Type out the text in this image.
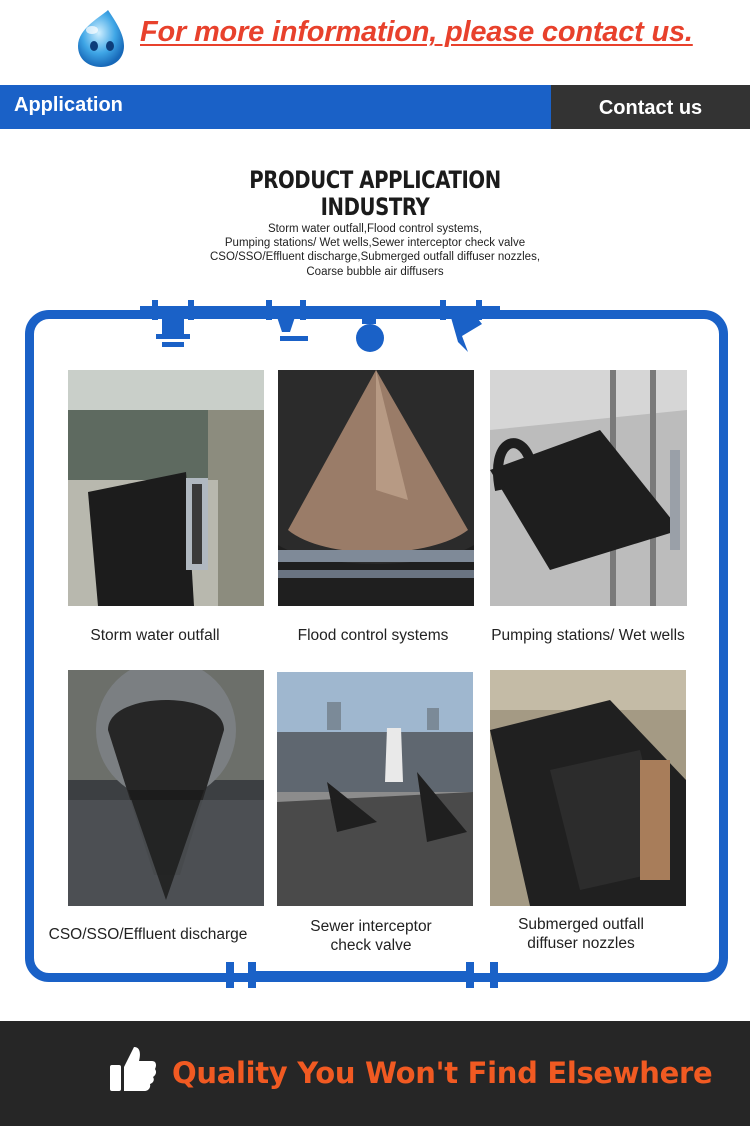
For more information, please contact us.
Application	Contact us
PRODUCT APPLICATION
INDUSTRY
Storm water outfall,Flood control systems,
Pumping stations/ Wet wells,Sewer interceptor check valve
CSO/SSO/Effluent discharge,Submerged outfall diffuser nozzles,
Coarse bubble air diffusers
Storm water outfall	Flood control systems	Pumping stations/ Wet wells
CSO/SSO/Effluent discharge	Sewer interceptor
check valve
Submerged outfall
diffuser nozzles
Quality You Won't Find Elsewhere
